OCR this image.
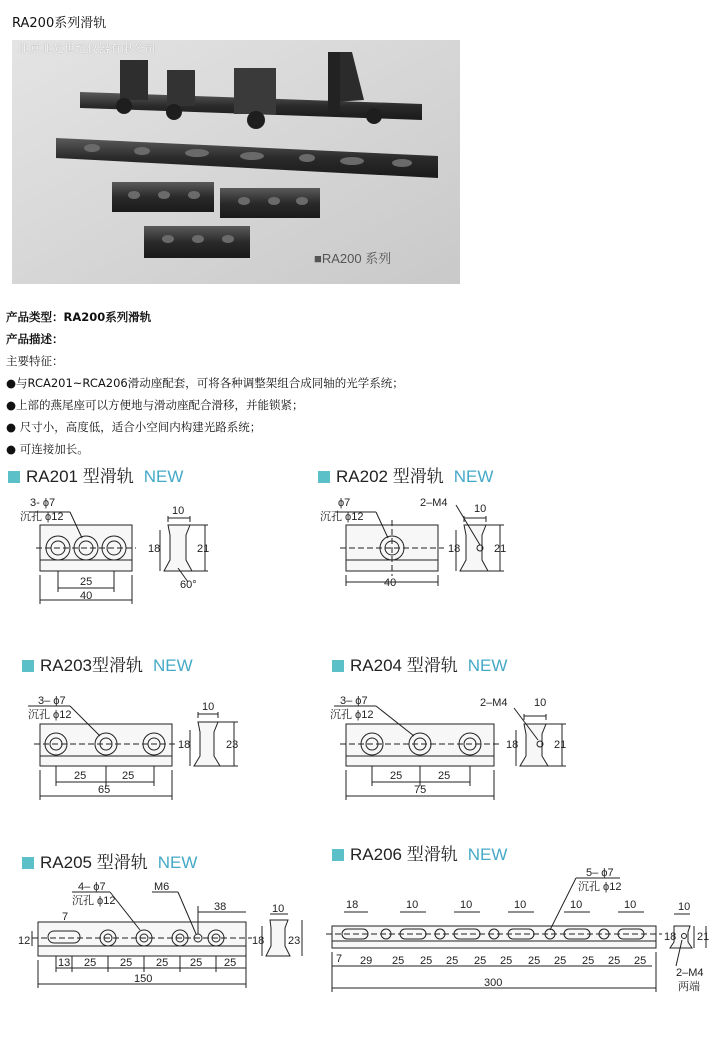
RA200系列滑轨
北京北光世纪仪器有限公司
■RA200 系列
产品类型：RA200系列滑轨
产品描述：
主要特征：
●与RCA201~RCA206滑动座配套，可将各种调整架组合成同轴的光学系统；
●上部的燕尾座可以方便地与滑动座配合滑移，并能锁紧；
● 尺寸小，高度低，适合小空间内构建光路系统；
● 可连接加长。
RA201 型滑轨 NEW	RA202 型滑轨 NEW
RA203型滑轨 NEW	RA204 型滑轨 NEW
RA205 型滑轨 NEW	RA206 型滑轨 NEW
3- ϕ7
沉孔 ϕ12
25
40
10
18	21
60°
ϕ7
沉孔 ϕ12
2–M4
40
10
18	21
3– ϕ7
沉孔 ϕ12
25	25
65
10
18	23
3– ϕ7
沉孔 ϕ12
2–M4
25	25
75
10
18	21
4– ϕ7
沉孔 ϕ12
M6
38
12
7
13 25 25 25 25 25
150
10
18 23
5– ϕ7
沉孔 ϕ12
18	10	10	10	10	10
7 29 25 25 25 25 25 25 25 25 25 25
300
10
18 21
2–M4
两端
